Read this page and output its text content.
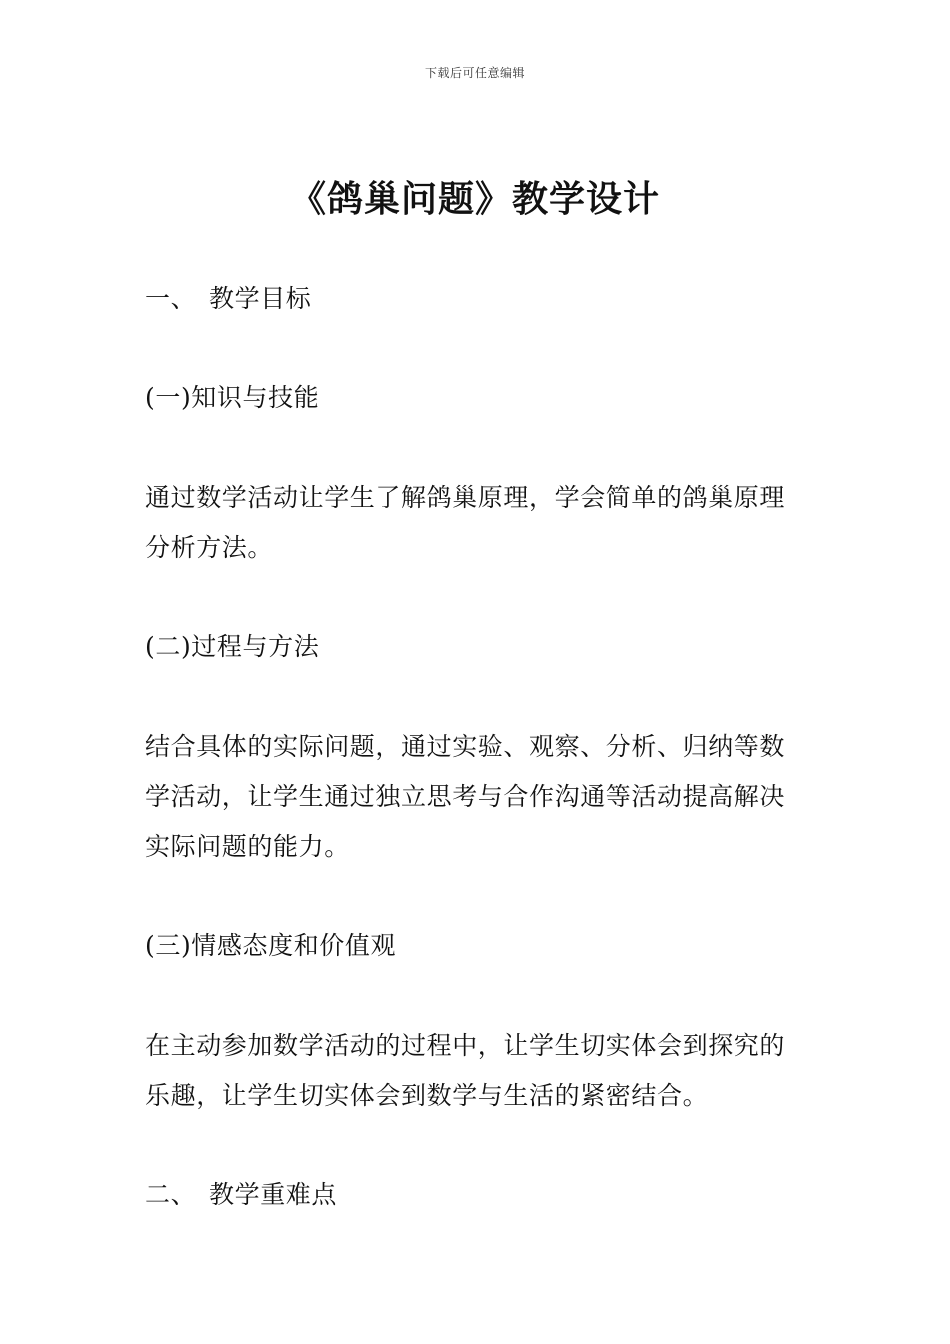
下载后可任意编辑
《鸽巢问题》教学设计

一、 教学目标

(一)知识与技能

通过数学活动让学生了解鸽巢原理，学会简单的鸽巢原理

分析方法。

(二)过程与方法

结合具体的实际问题，通过实验、观察、分析、归纳等数

学活动，让学生通过独立思考与合作沟通等活动提高解决

实际问题的能力。

(三)情感态度和价值观

在主动参加数学活动的过程中，让学生切实体会到探究的

乐趣，让学生切实体会到数学与生活的紧密结合。

二、 教学重难点
